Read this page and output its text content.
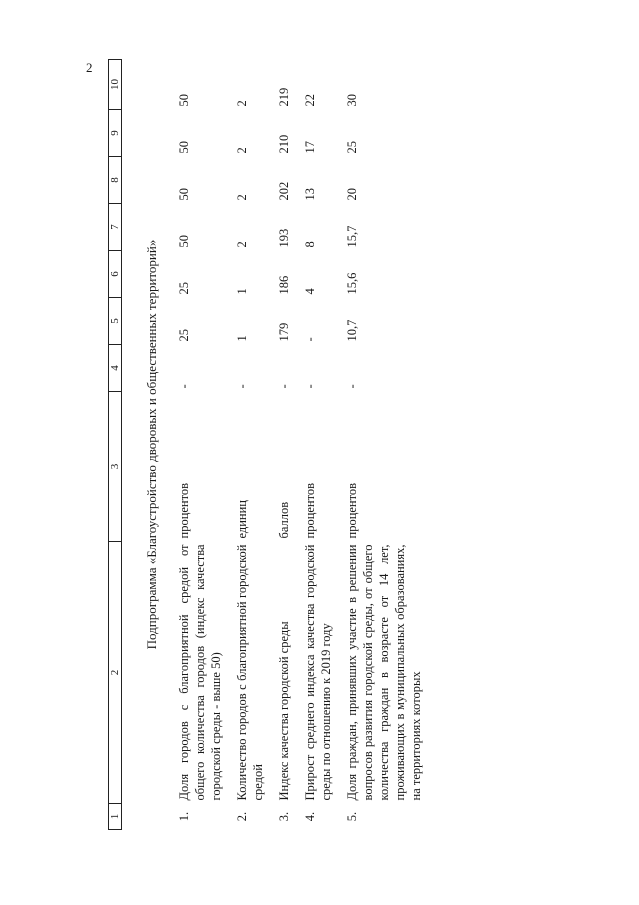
2
1	2	3	4	5	6	7	8	9	10
Подпрограмма «Благоустройство дворовых и общественных территорий»									
1.	Доля городов с благоприятной средой от общего количества городов (индекс качества городской среды - выше 50)	процентов	-	25	25	50	50	50	50
2.	Количество городов с благоприятной городской средой	единиц	-	1	1	2	2	2	2
3.	Индекс качества городской среды	баллов	-	179	186	193	202	210	219
4.	Прирост среднего индекса качества городской среды по отношению к 2019 году	процентов	-	-	4	8	13	17	22
5.	Доля граждан, принявших участие в решении вопросов развития городской среды, от общего количества граждан в возрасте от 14 лет, проживающих в муниципальных образованиях, на территориях которых	процентов	-	10,7	15,6	15,7	20	25	30
